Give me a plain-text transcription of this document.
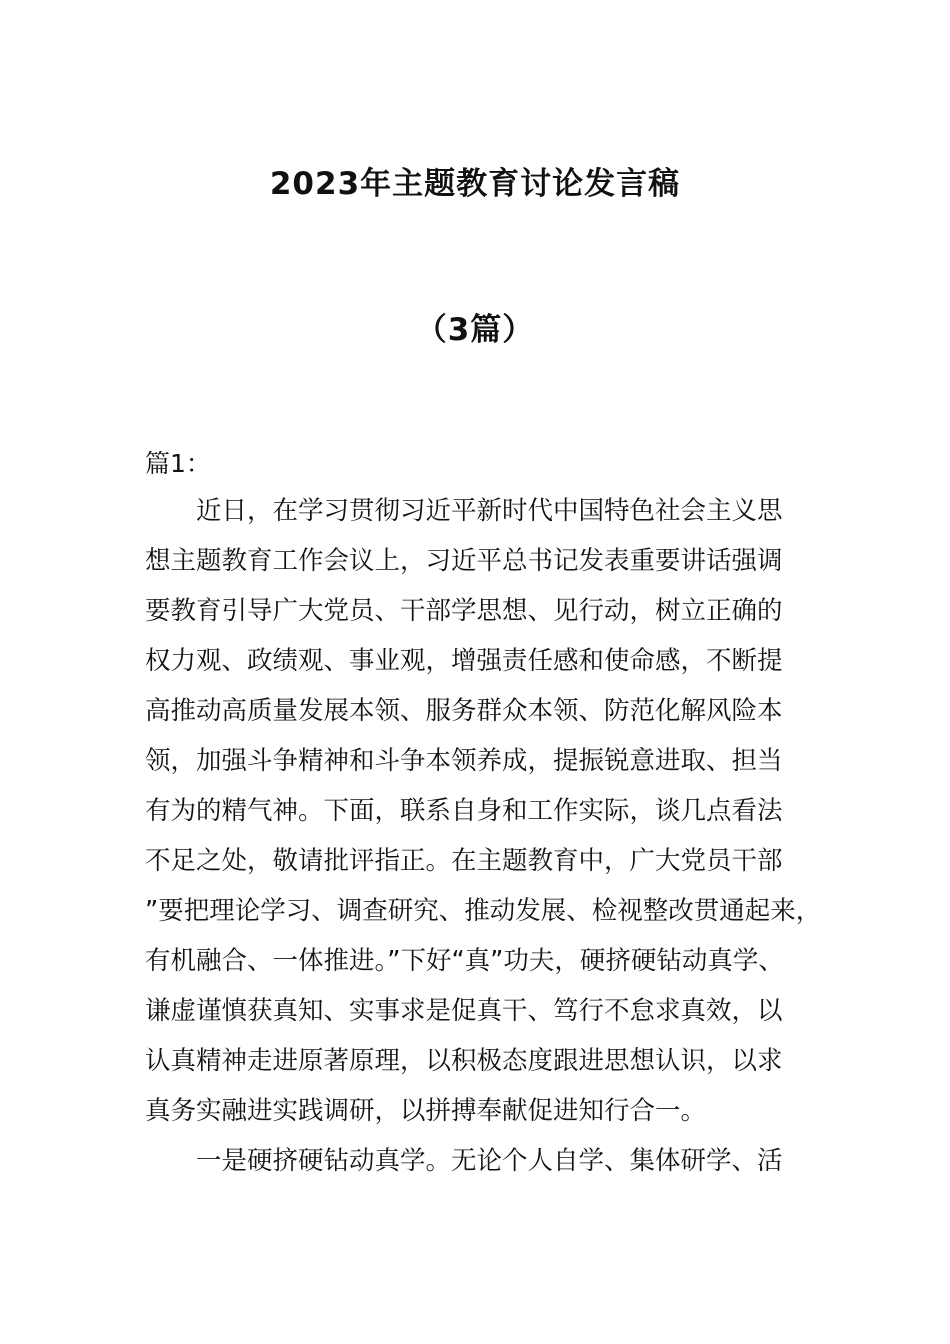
2023年主题教育讨论发言稿
（3篇）

篇1：

近日，在学习贯彻习近平新时代中国特色社会主义思

想主题教育工作会议上，习近平总书记发表重要讲话强调

要教育引导广大党员、干部学思想、见行动，树立正确的

权力观、政绩观、事业观，增强责任感和使命感，不断提

高推动高质量发展本领、服务群众本领、防范化解风险本

领，加强斗争精神和斗争本领养成，提振锐意进取、担当

有为的精气神。下面，联系自身和工作实际，谈几点看法

不足之处，敬请批评指正。在主题教育中，广大党员干部

”要把理论学习、调查研究、推动发展、检视整改贯通起来，

有机融合、一体推进。”下好“真”功夫，硬挤硬钻动真学、

谦虚谨慎获真知、实事求是促真干、笃行不怠求真效，以

认真精神走进原著原理，以积极态度跟进思想认识，以求

真务实融进实践调研，以拼搏奉献促进知行合一。

一是硬挤硬钻动真学。无论个人自学、集体研学、活
